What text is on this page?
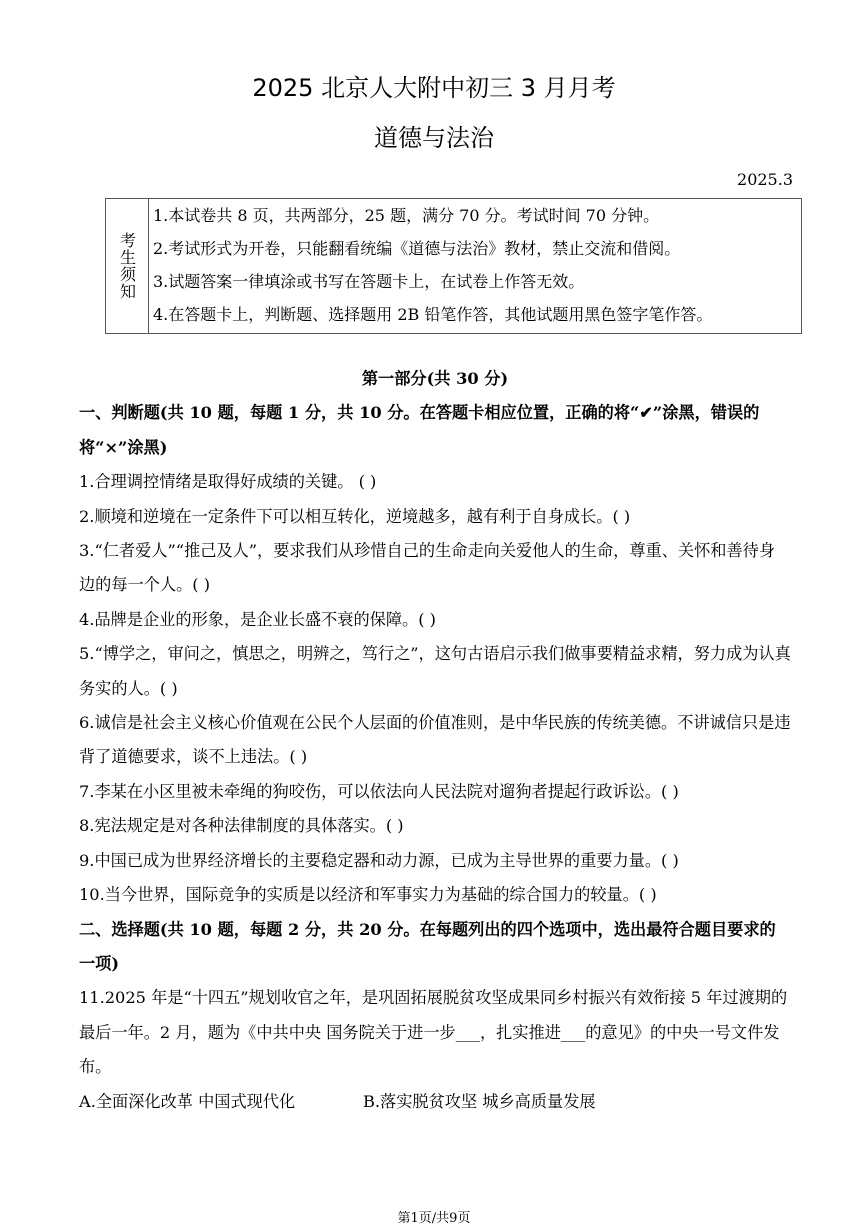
2025 北京人大附中初三 3 月月考
道德与法治
2025.3
考生须知
1.本试卷共 8 页，共两部分，25 题，满分 70 分。考试时间 70 分钟。
2.考试形式为开卷，只能翻看统编《道德与法治》教材，禁止交流和借阅。
3.试题答案一律填涂或书写在答题卡上，在试卷上作答无效。
4.在答题卡上，判断题、选择题用 2B 铅笔作答，其他试题用黑色签字笔作答。

第一部分(共 30 分)

一、判断题(共 10 题，每题 1 分，共 10 分。在答题卡相应位置，正确的将“✔”涂黑，错误的将“×”涂黑)

1.合理调控情绪是取得好成绩的关键。 ( )

2.顺境和逆境在一定条件下可以相互转化，逆境越多，越有利于自身成长。( )

3.“仁者爱人”“推己及人”，要求我们从珍惜自己的生命走向关爱他人的生命，尊重、关怀和善待身边的每一个人。( )

4.品牌是企业的形象，是企业长盛不衰的保障。( )

5.“博学之，审问之，慎思之，明辨之，笃行之”，这句古语启示我们做事要精益求精，努力成为认真务实的人。( )

6.诚信是社会主义核心价值观在公民个人层面的价值准则，是中华民族的传统美德。不讲诚信只是违背了道德要求，谈不上违法。( )

7.李某在小区里被未牵绳的狗咬伤，可以依法向人民法院对遛狗者提起行政诉讼。( )

8.宪法规定是对各种法律制度的具体落实。( )

9.中国已成为世界经济增长的主要稳定器和动力源，已成为主导世界的重要力量。( )

10.当今世界，国际竞争的实质是以经济和军事实力为基础的综合国力的较量。( )

二、选择题(共 10 题，每题 2 分，共 20 分。在每题列出的四个选项中，选出最符合题目要求的一项)

11.2025 年是“十四五”规划收官之年，是巩固拓展脱贫攻坚成果同乡村振兴有效衔接 5 年过渡期的最后一年。2 月，题为《中共中央 国务院关于进一步___，扎实推进___的意见》的中央一号文件发布。

A.全面深化改革 中国式现代化	B.落实脱贫攻坚 城乡高质量发展

第1页/共9页
